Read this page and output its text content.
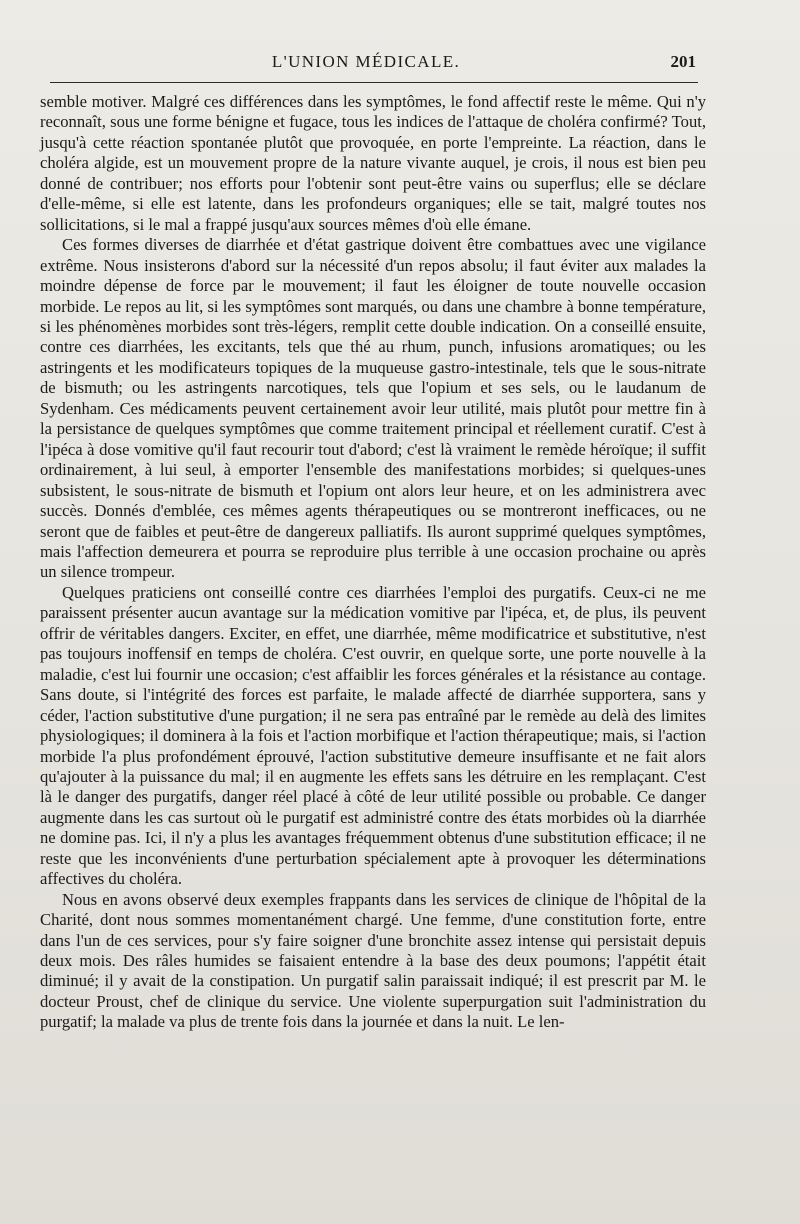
L'UNION MÉDICALE.	201

semble motiver. Malgré ces différences dans les symptômes, le fond affectif reste le même. Qui n'y reconnaît, sous une forme bénigne et fugace, tous les indices de l'attaque de choléra confirmé? Tout, jusqu'à cette réaction spontanée plutôt que provoquée, en porte l'empreinte. La réaction, dans le choléra algide, est un mouvement propre de la nature vivante auquel, je crois, il nous est bien peu donné de contribuer; nos efforts pour l'obtenir sont peut-être vains ou superflus; elle se déclare d'elle-même, si elle est latente, dans les profondeurs organiques; elle se tait, malgré toutes nos sollicitations, si le mal a frappé jusqu'aux sources mêmes d'où elle émane.

Ces formes diverses de diarrhée et d'état gastrique doivent être combattues avec une vigilance extrême. Nous insisterons d'abord sur la nécessité d'un repos absolu; il faut éviter aux malades la moindre dépense de force par le mouvement; il faut les éloigner de toute nouvelle occasion morbide. Le repos au lit, si les symptômes sont marqués, ou dans une chambre à bonne température, si les phénomènes morbides sont très-légers, remplit cette double indication. On a conseillé ensuite, contre ces diarrhées, les excitants, tels que thé au rhum, punch, infusions aromatiques; ou les astringents et les modificateurs topiques de la muqueuse gastro-intestinale, tels que le sous-nitrate de bismuth; ou les astringents narcotiques, tels que l'opium et ses sels, ou le laudanum de Sydenham. Ces médicaments peuvent certainement avoir leur utilité, mais plutôt pour mettre fin à la persistance de quelques symptômes que comme traitement principal et réellement curatif. C'est à l'ipéca à dose vomitive qu'il faut recourir tout d'abord; c'est là vraiment le remède héroïque; il suffit ordinairement, à lui seul, à emporter l'ensemble des manifestations morbides; si quelques-unes subsistent, le sous-nitrate de bismuth et l'opium ont alors leur heure, et on les administrera avec succès. Donnés d'emblée, ces mêmes agents thérapeutiques ou se montreront inefficaces, ou ne seront que de faibles et peut-être de dangereux palliatifs. Ils auront supprimé quelques symptômes, mais l'affection demeurera et pourra se reproduire plus terrible à une occasion prochaine ou après un silence trompeur.

Quelques praticiens ont conseillé contre ces diarrhées l'emploi des purgatifs. Ceux-ci ne me paraissent présenter aucun avantage sur la médication vomitive par l'ipéca, et, de plus, ils peuvent offrir de véritables dangers. Exciter, en effet, une diarrhée, même modificatrice et substitutive, n'est pas toujours inoffensif en temps de choléra. C'est ouvrir, en quelque sorte, une porte nouvelle à la maladie, c'est lui fournir une occasion; c'est affaiblir les forces générales et la résistance au contage. Sans doute, si l'intégrité des forces est parfaite, le malade affecté de diarrhée supportera, sans y céder, l'action substitutive d'une purgation; il ne sera pas entraîné par le remède au delà des limites physiologiques; il dominera à la fois et l'action morbifique et l'action thérapeutique; mais, si l'action morbide l'a plus profondément éprouvé, l'action substitutive demeure insuffisante et ne fait alors qu'ajouter à la puissance du mal; il en augmente les effets sans les détruire en les remplaçant. C'est là le danger des purgatifs, danger réel placé à côté de leur utilité possible ou probable. Ce danger augmente dans les cas surtout où le purgatif est administré contre des états morbides où la diarrhée ne domine pas. Ici, il n'y a plus les avantages fréquemment obtenus d'une substitution efficace; il ne reste que les inconvénients d'une perturbation spécialement apte à provoquer les déterminations affectives du choléra.

Nous en avons observé deux exemples frappants dans les services de clinique de l'hôpital de la Charité, dont nous sommes momentanément chargé. Une femme, d'une constitution forte, entre dans l'un de ces services, pour s'y faire soigner d'une bronchite assez intense qui persistait depuis deux mois. Des râles humides se faisaient entendre à la base des deux poumons; l'appétit était diminué; il y avait de la constipation. Un purgatif salin paraissait indiqué; il est prescrit par M. le docteur Proust, chef de clinique du service. Une violente superpurgation suit l'administration du purgatif; la malade va plus de trente fois dans la journée et dans la nuit. Le len-
